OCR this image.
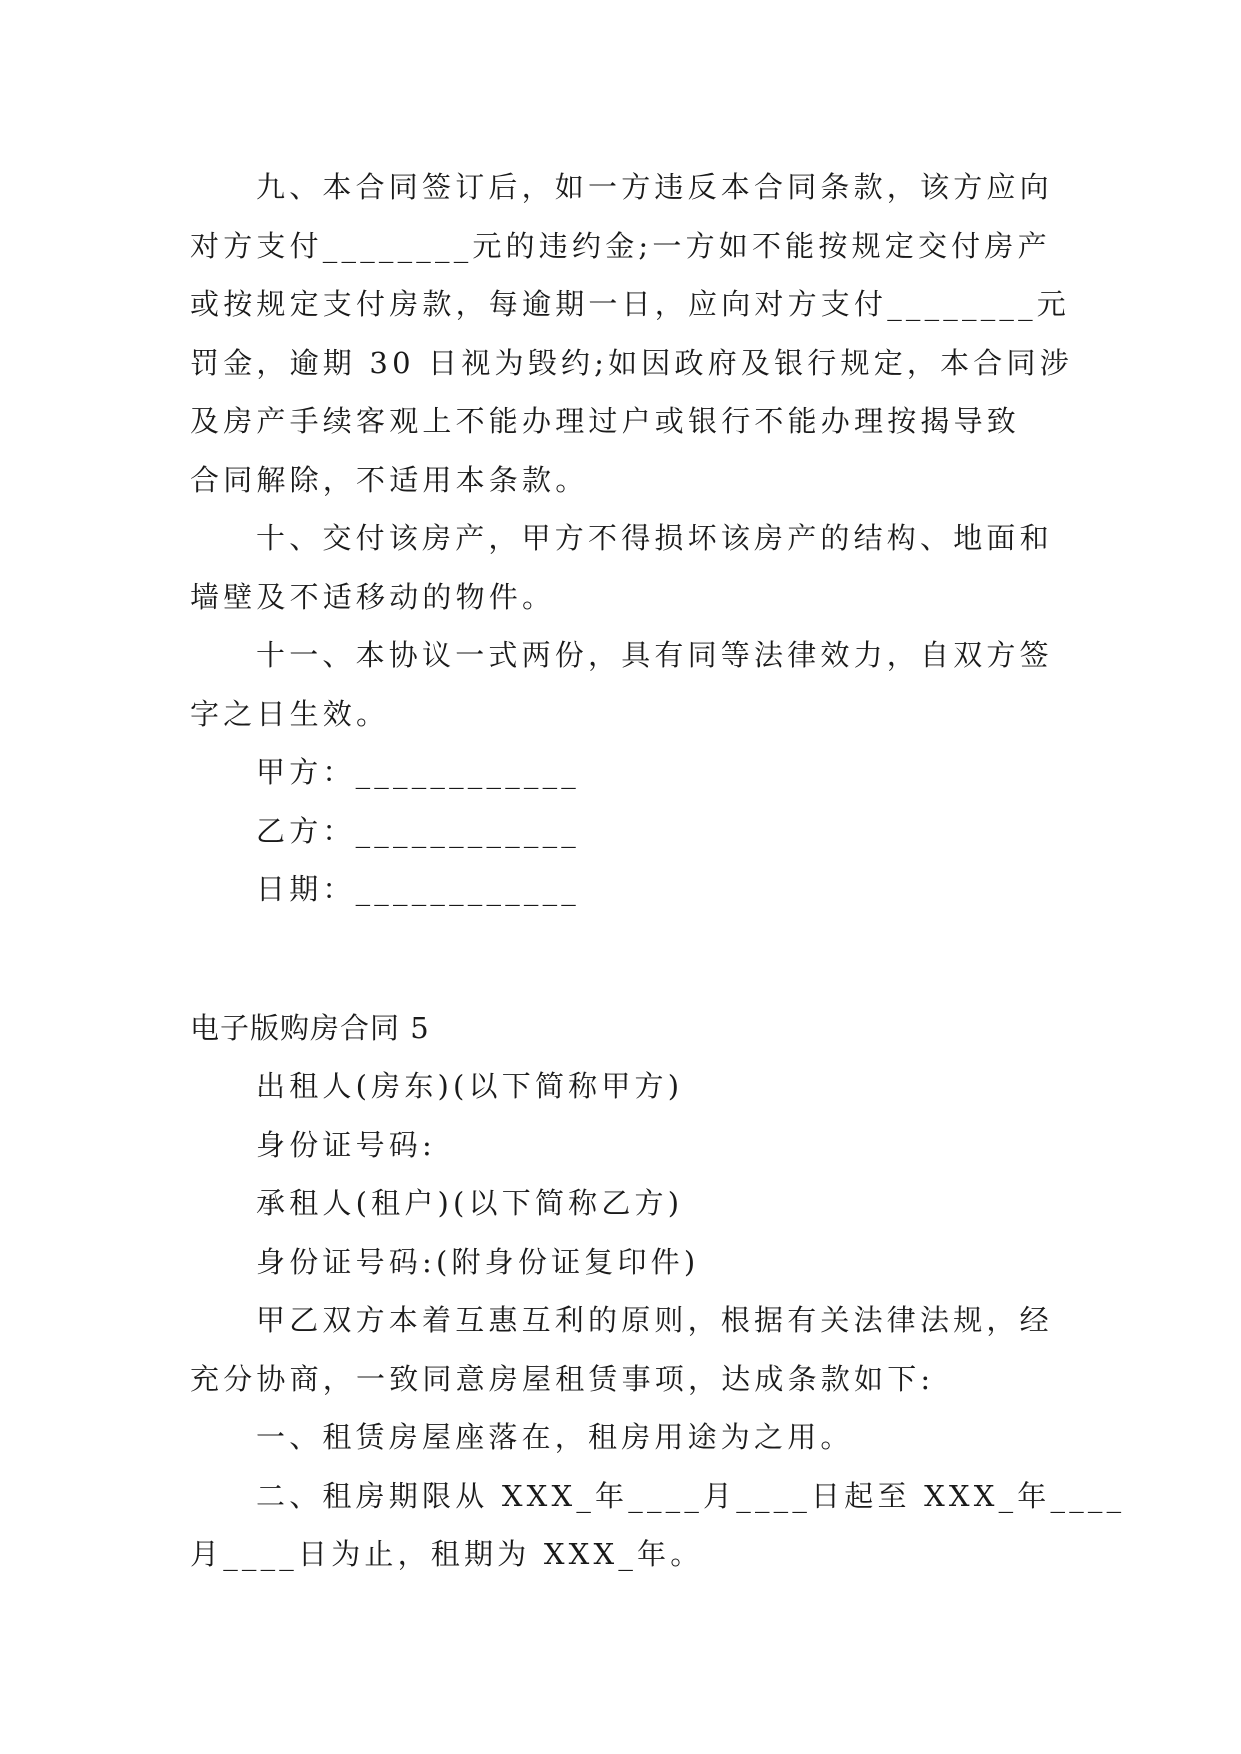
九、本合同签订后，如一方违反本合同条款，该方应向
对方支付________元的违约金;一方如不能按规定交付房产
或按规定支付房款，每逾期一日，应向对方支付________元
罚金，逾期 30 日视为毁约;如因政府及银行规定，本合同涉
及房产手续客观上不能办理过户或银行不能办理按揭导致
合同解除，不适用本条款。
十、交付该房产，甲方不得损坏该房产的结构、地面和
墙壁及不适移动的物件。
十一、本协议一式两份，具有同等法律效力，自双方签
字之日生效。
甲方：____________
乙方：____________
日期：____________
电子版购房合同 5
出租人(房东)(以下简称甲方)
身份证号码:
承租人(租户)(以下简称乙方)
身份证号码:(附身份证复印件)
甲乙双方本着互惠互利的原则，根据有关法律法规，经
充分协商，一致同意房屋租赁事项，达成条款如下:
一、租赁房屋座落在，租房用途为之用。
二、租房期限从 XXX_年____月____日起至 XXX_年____
月____日为止，租期为 XXX_年。
